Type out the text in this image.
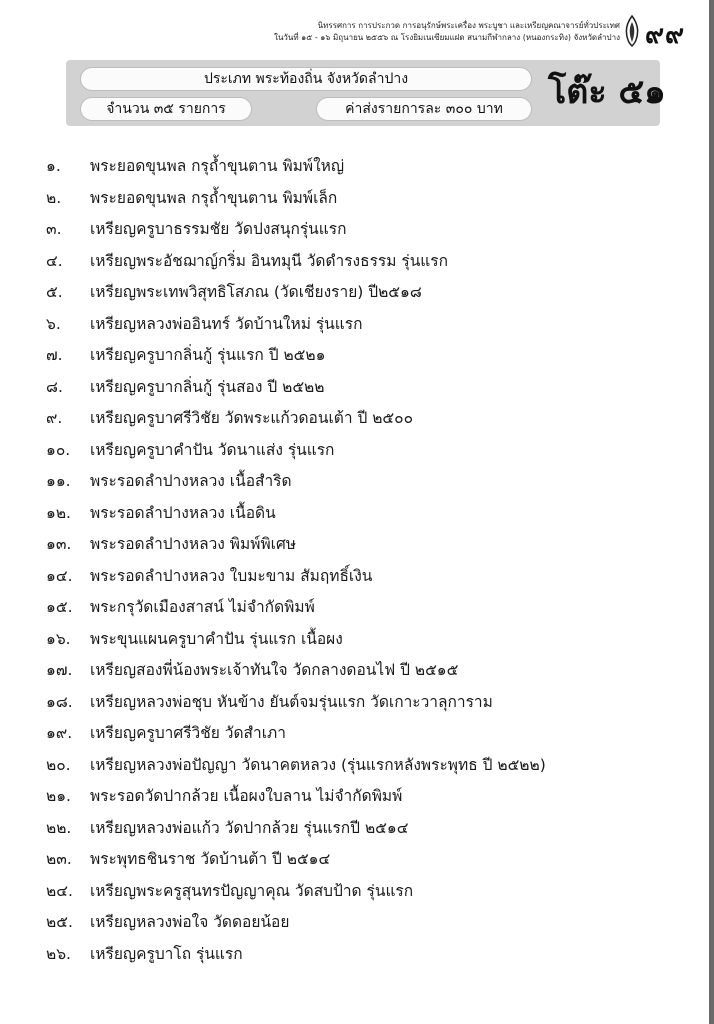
นิทรรศการ การประกวด การอนุรักษ์พระเครื่อง พระบูชา และเหรียญคณาจารย์ทั่วประเทศ
ในวันที่ ๑๕ - ๑๖ มิถุนายน ๒๕๕๖ ณ โรงยิมเนเซียมแฝด สนามกีฬากลาง (หนองกระทิง) จังหวัดลำปาง ๙๙
ประเภท พระท้องถิ่น จังหวัดลำปาง
จำนวน ๓๕ รายการ	ค่าส่งรายการละ ๓๐๐ บาท	โต๊ะ ๕๑
๑.	พระยอดขุนพล กรุถ้ำขุนตาน พิมพ์ใหญ่
๒.	พระยอดขุนพล กรุถ้ำขุนตาน พิมพ์เล็ก
๓.	เหรียญครูบาธรรมชัย วัดปงสนุกรุ่นแรก
๔.	เหรียญพระอัชฌาญ์กริ่ม อินทมุนี วัดดำรงธรรม รุ่นแรก
๕.	เหรียญพระเทพวิสุทธิโสภณ (วัดเชียงราย) ปี๒๕๑๘
๖.	เหรียญหลวงพ่ออินทร์ วัดบ้านใหม่ รุ่นแรก
๗.	เหรียญครูบากลิ่นกู้ รุ่นแรก ปี ๒๕๒๑
๘.	เหรียญครูบากลิ่นกู้ รุ่นสอง ปี ๒๕๒๒
๙.	เหรียญครูบาศรีวิชัย วัดพระแก้วดอนเต้า ปี ๒๕๐๐
๑๐.	เหรียญครูบาคำปัน วัดนาแส่ง รุ่นแรก
๑๑.	พระรอดลำปางหลวง เนื้อสำริด
๑๒.	พระรอดลำปางหลวง เนื้อดิน
๑๓.	พระรอดลำปางหลวง พิมพ์พิเศษ
๑๔.	พระรอดลำปางหลวง ใบมะขาม สัมฤทธิ์เงิน
๑๕.	พระกรุวัดเมืองสาสน์ ไม่จำกัดพิมพ์
๑๖.	พระขุนแผนครูบาคำปัน รุ่นแรก เนื้อผง
๑๗.	เหรียญสองพี่น้องพระเจ้าทันใจ วัดกลางดอนไฟ ปี ๒๕๑๕
๑๘.	เหรียญหลวงพ่อชุบ หันข้าง ยันต์จมรุ่นแรก วัดเกาะวาลุการาม
๑๙.	เหรียญครูบาศรีวิชัย วัดสำเภา
๒๐.	เหรียญหลวงพ่อปัญญา วัดนาคตหลวง (รุ่นแรกหลังพระพุทธ ปี ๒๕๒๒)
๒๑.	พระรอดวัดปากล้วย เนื้อผงใบลาน ไม่จำกัดพิมพ์
๒๒.	เหรียญหลวงพ่อแก้ว วัดปากล้วย รุ่นแรกปี ๒๕๑๔
๒๓.	พระพุทธชินราช วัดบ้านต้า ปี ๒๕๑๔
๒๔.	เหรียญพระครูสุนทรปัญญาคุณ วัดสบป้าด รุ่นแรก
๒๕.	เหรียญหลวงพ่อใจ วัดดอยน้อย
๒๖.	เหรียญครูบาโถ รุ่นแรก
